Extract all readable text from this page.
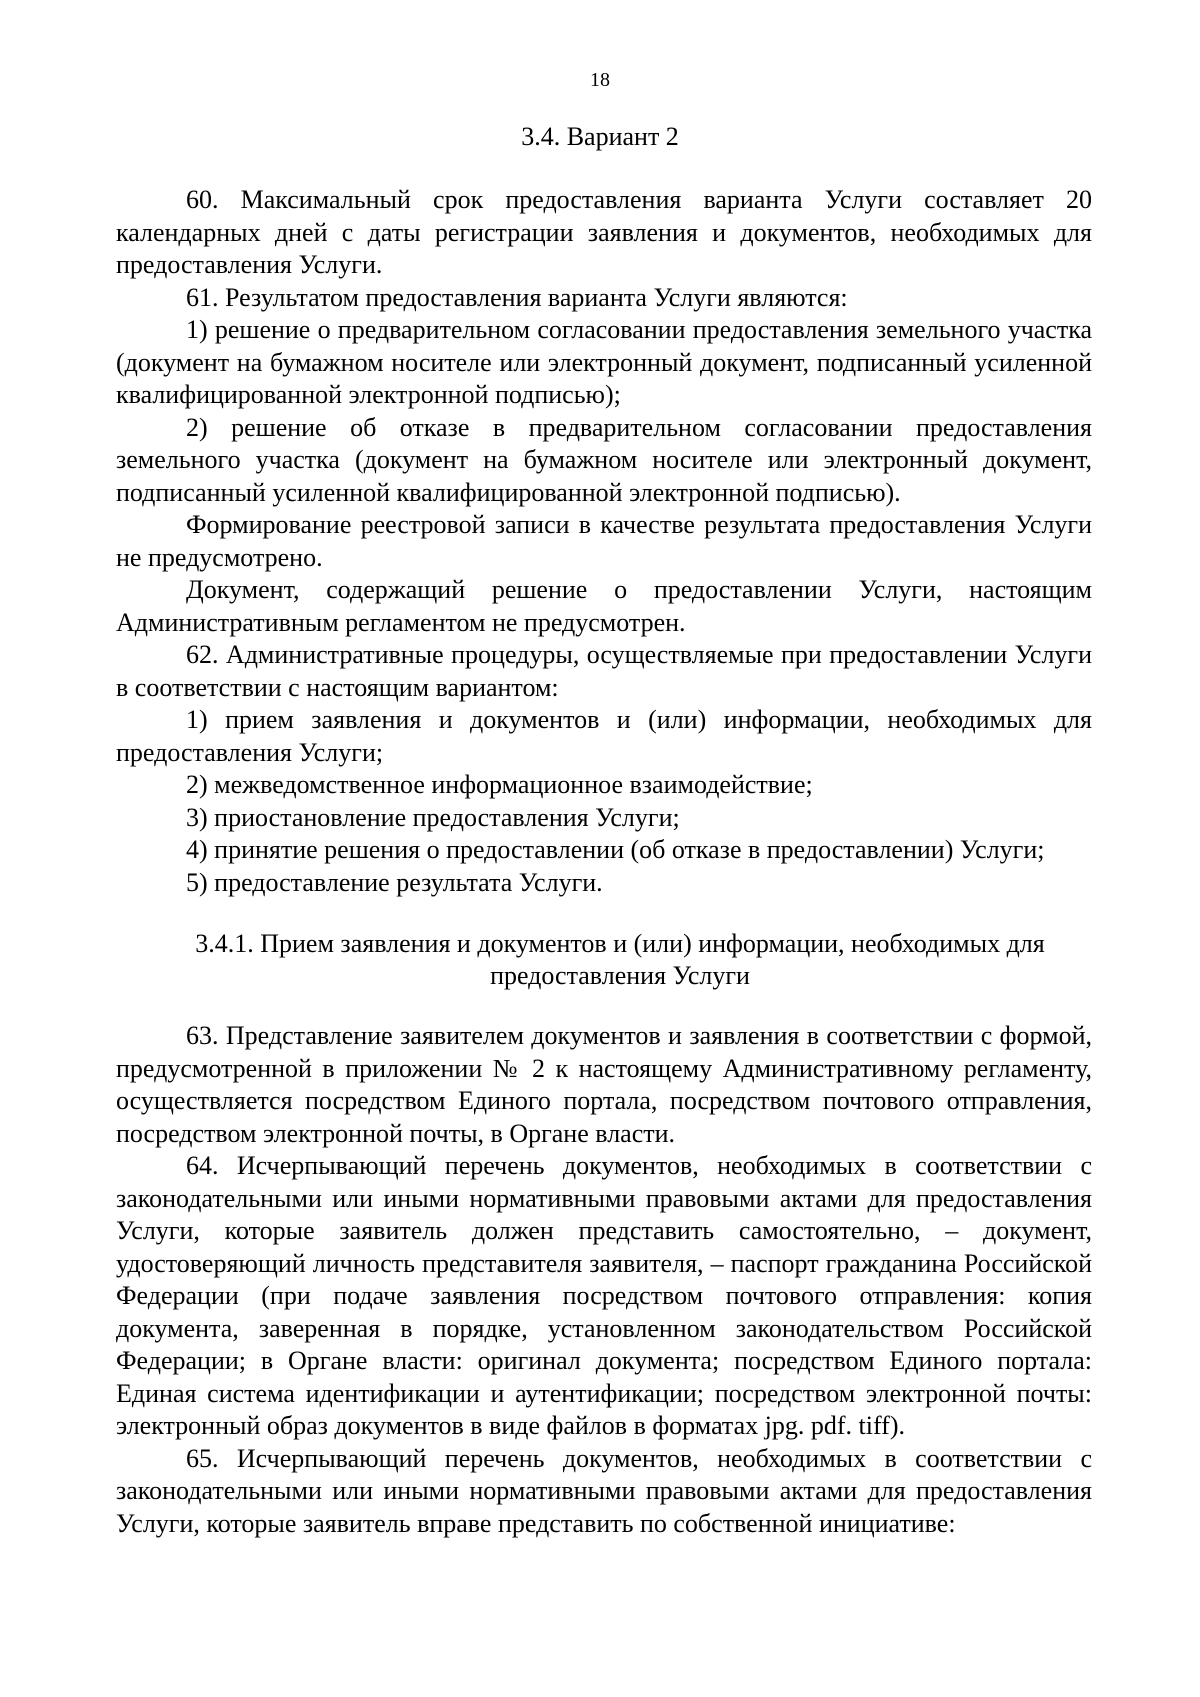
18
3.4. Вариант 2

60. Максимальный срок предоставления варианта Услуги составляет 20 календарных дней с даты регистрации заявления и документов, необходимых для предоставления Услуги.

61. Результатом предоставления варианта Услуги являются:

1) решение о предварительном согласовании предоставления земельного участка (документ на бумажном носителе или электронный документ, подписанный усиленной квалифицированной электронной подписью);

2) решение об отказе в предварительном согласовании предоставления земельного участка (документ на бумажном носителе или электронный документ, подписанный усиленной квалифицированной электронной подписью).

Формирование реестровой записи в качестве результата предоставления Услуги не предусмотрено.

Документ, содержащий решение о предоставлении Услуги, настоящим Административным регламентом не предусмотрен.

62. Административные процедуры, осуществляемые при предоставлении Услуги в соответствии с настоящим вариантом:

1) прием заявления и документов и (или) информации, необходимых для предоставления Услуги;

2) межведомственное информационное взаимодействие;

3) приостановление предоставления Услуги;

4) принятие решения о предоставлении (об отказе в предоставлении) Услуги;

5) предоставление результата Услуги.

3.4.1. Прием заявления и документов и (или) информации, необходимых для предоставления Услуги

63. Представление заявителем документов и заявления в соответствии с формой, предусмотренной в приложении № 2 к настоящему Административному регламенту, осуществляется посредством Единого портала, посредством почтового отправления, посредством электронной почты, в Органе власти.

64. Исчерпывающий перечень документов, необходимых в соответствии с законодательными или иными нормативными правовыми актами для предоставления Услуги, которые заявитель должен представить самостоятельно, – документ, удостоверяющий личность представителя заявителя, – паспорт гражданина Российской Федерации (при подаче заявления посредством почтового отправления: копия документа, заверенная в порядке, установленном законодательством Российской Федерации; в Органе власти: оригинал документа; посредством Единого портала: Единая система идентификации и аутентификации; посредством электронной почты: электронный образ документов в виде файлов в форматах jpg. pdf. tiff).

65. Исчерпывающий перечень документов, необходимых в соответствии с законодательными или иными нормативными правовыми актами для предоставления Услуги, которые заявитель вправе представить по собственной инициативе:
